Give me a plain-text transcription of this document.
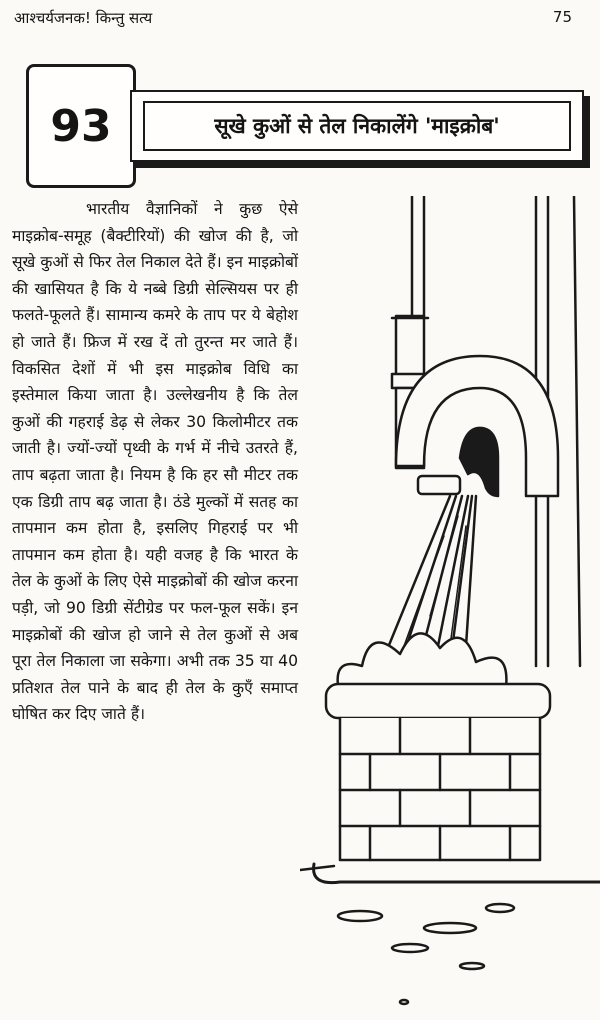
आश्चर्यजनक! किन्तु सत्य	75
93	सूखे कुओं से तेल निकालेंगे 'माइक्रोब'

भारतीय वैज्ञानिकों ने कुछ ऐसे माइक्रोब-समूह (बैक्टीरियों) की खोज की है, जो सूखे कुओं से फिर तेल निकाल देते हैं। इन माइक्रोबों की खासियत है कि ये नब्बे डिग्री सेल्सियस पर ही फलते-फूलते हैं। सामान्य कमरे के ताप पर ये बेहोश हो जाते हैं। फ्रिज में रख दें तो तुरन्त मर जाते हैं। विकसित देशों में भी इस माइक्रोब विधि का इस्तेमाल किया जाता है। उल्लेखनीय है कि तेल कुओं की गहराई डेढ़ से लेकर 30 किलोमीटर तक जाती है। ज्यों-ज्यों पृथ्वी के गर्भ में नीचे उतरते हैं, ताप बढ़ता जाता है। नियम है कि हर सौ मीटर तक एक डिग्री ताप बढ़ जाता है। ठंडे मुल्कों में सतह का तापमान कम होता है, इसलिए गिहराई पर भी तापमान कम होता है। यही वजह है कि भारत के तेल के कुओं के लिए ऐसे माइक्रोबों की खोज करना पड़ी, जो 90 डिग्री सेंटीग्रेड पर फल-फूल सकें। इन माइक्रोबों की खोज हो जाने से तेल कुओं से अब पूरा तेल निकाला जा सकेगा। अभी तक 35 या 40 प्रतिशत तेल पाने के बाद ही तेल के कुएँ समाप्त घोषित कर दिए जाते हैं।
